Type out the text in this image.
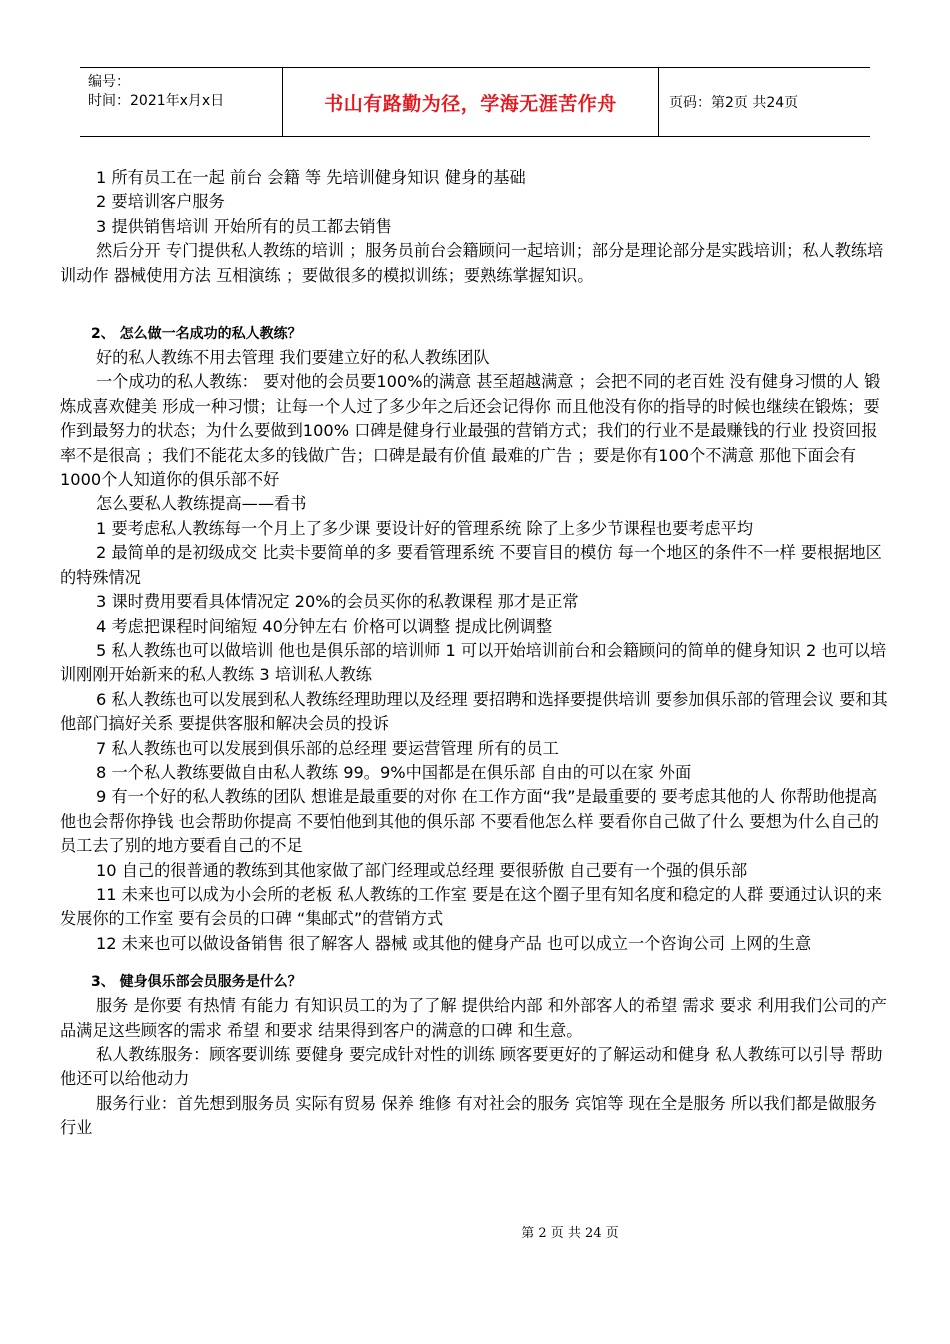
编号：
时间：2021年x月x日	书山有路勤为径，学海无涯苦作舟	页码：第2页 共24页

1 所有员工在一起 前台 会籍 等 先培训健身知识 健身的基础

2 要培训客户服务

3 提供销售培训 开始所有的员工都去销售

然后分开 专门提供私人教练的培训 ；服务员前台会籍顾问一起培训；部分是理论部分是实践培训；私人教练培训动作 器械使用方法 互相演练 ；要做很多的模拟训练；要熟练掌握知识。

2、 怎么做一名成功的私人教练？

好的私人教练不用去管理 我们要建立好的私人教练团队

一个成功的私人教练： 要对他的会员要100%的满意 甚至超越满意 ；会把不同的老百姓 没有健身习惯的人 锻炼成喜欢健美 形成一种习惯；让每一个人过了多少年之后还会记得你 而且他没有你的指导的时候也继续在锻炼；要作到最努力的状态；为什么要做到100% 口碑是健身行业最强的营销方式；我们的行业不是最赚钱的行业 投资回报率不是很高 ；我们不能花太多的钱做广告；口碑是最有价值 最难的广告 ；要是你有100个不满意 那他下面会有1000个人知道你的俱乐部不好

怎么要私人教练提高——看书

1 要考虑私人教练每一个月上了多少课 要设计好的管理系统 除了上多少节课程也要考虑平均

2 最简单的是初级成交 比卖卡要简单的多 要看管理系统 不要盲目的模仿 每一个地区的条件不一样 要根据地区的特殊情况

3 课时费用要看具体情况定 20%的会员买你的私教课程 那才是正常

4 考虑把课程时间缩短 40分钟左右 价格可以调整 提成比例调整

5 私人教练也可以做培训 他也是俱乐部的培训师 1 可以开始培训前台和会籍顾问的简单的健身知识 2 也可以培训刚刚开始新来的私人教练 3 培训私人教练

6 私人教练也可以发展到私人教练经理助理以及经理 要招聘和选择要提供培训 要参加俱乐部的管理会议 要和其他部门搞好关系 要提供客服和解决会员的投诉

7 私人教练也可以发展到俱乐部的总经理 要运营管理 所有的员工

8 一个私人教练要做自由私人教练 99。9%中国都是在俱乐部 自由的可以在家 外面

9 有一个好的私人教练的团队 想谁是最重要的对你 在工作方面“我”是最重要的 要考虑其他的人 你帮助他提高 他也会帮你挣钱 也会帮助你提高 不要怕他到其他的俱乐部 不要看他怎么样 要看你自己做了什么 要想为什么自己的员工去了别的地方要看自己的不足

10 自己的很普通的教练到其他家做了部门经理或总经理 要很骄傲 自己要有一个强的俱乐部

11 未来也可以成为小会所的老板 私人教练的工作室 要是在这个圈子里有知名度和稳定的人群 要通过认识的来发展你的工作室 要有会员的口碑 “集邮式”的营销方式

12 未来也可以做设备销售 很了解客人 器械 或其他的健身产品 也可以成立一个咨询公司 上网的生意

3、 健身俱乐部会员服务是什么？

服务 是你要 有热情 有能力 有知识员工的为了了解 提供给内部 和外部客人的希望 需求 要求 利用我们公司的产品满足这些顾客的需求 希望 和要求 结果得到客户的满意的口碑 和生意。

私人教练服务：顾客要训练 要健身 要完成针对性的训练 顾客要更好的了解运动和健身 私人教练可以引导 帮助他还可以给他动力

服务行业：首先想到服务员 实际有贸易 保养 维修 有对社会的服务 宾馆等 现在全是服务 所以我们都是做服务行业

第 2 页 共 24 页
